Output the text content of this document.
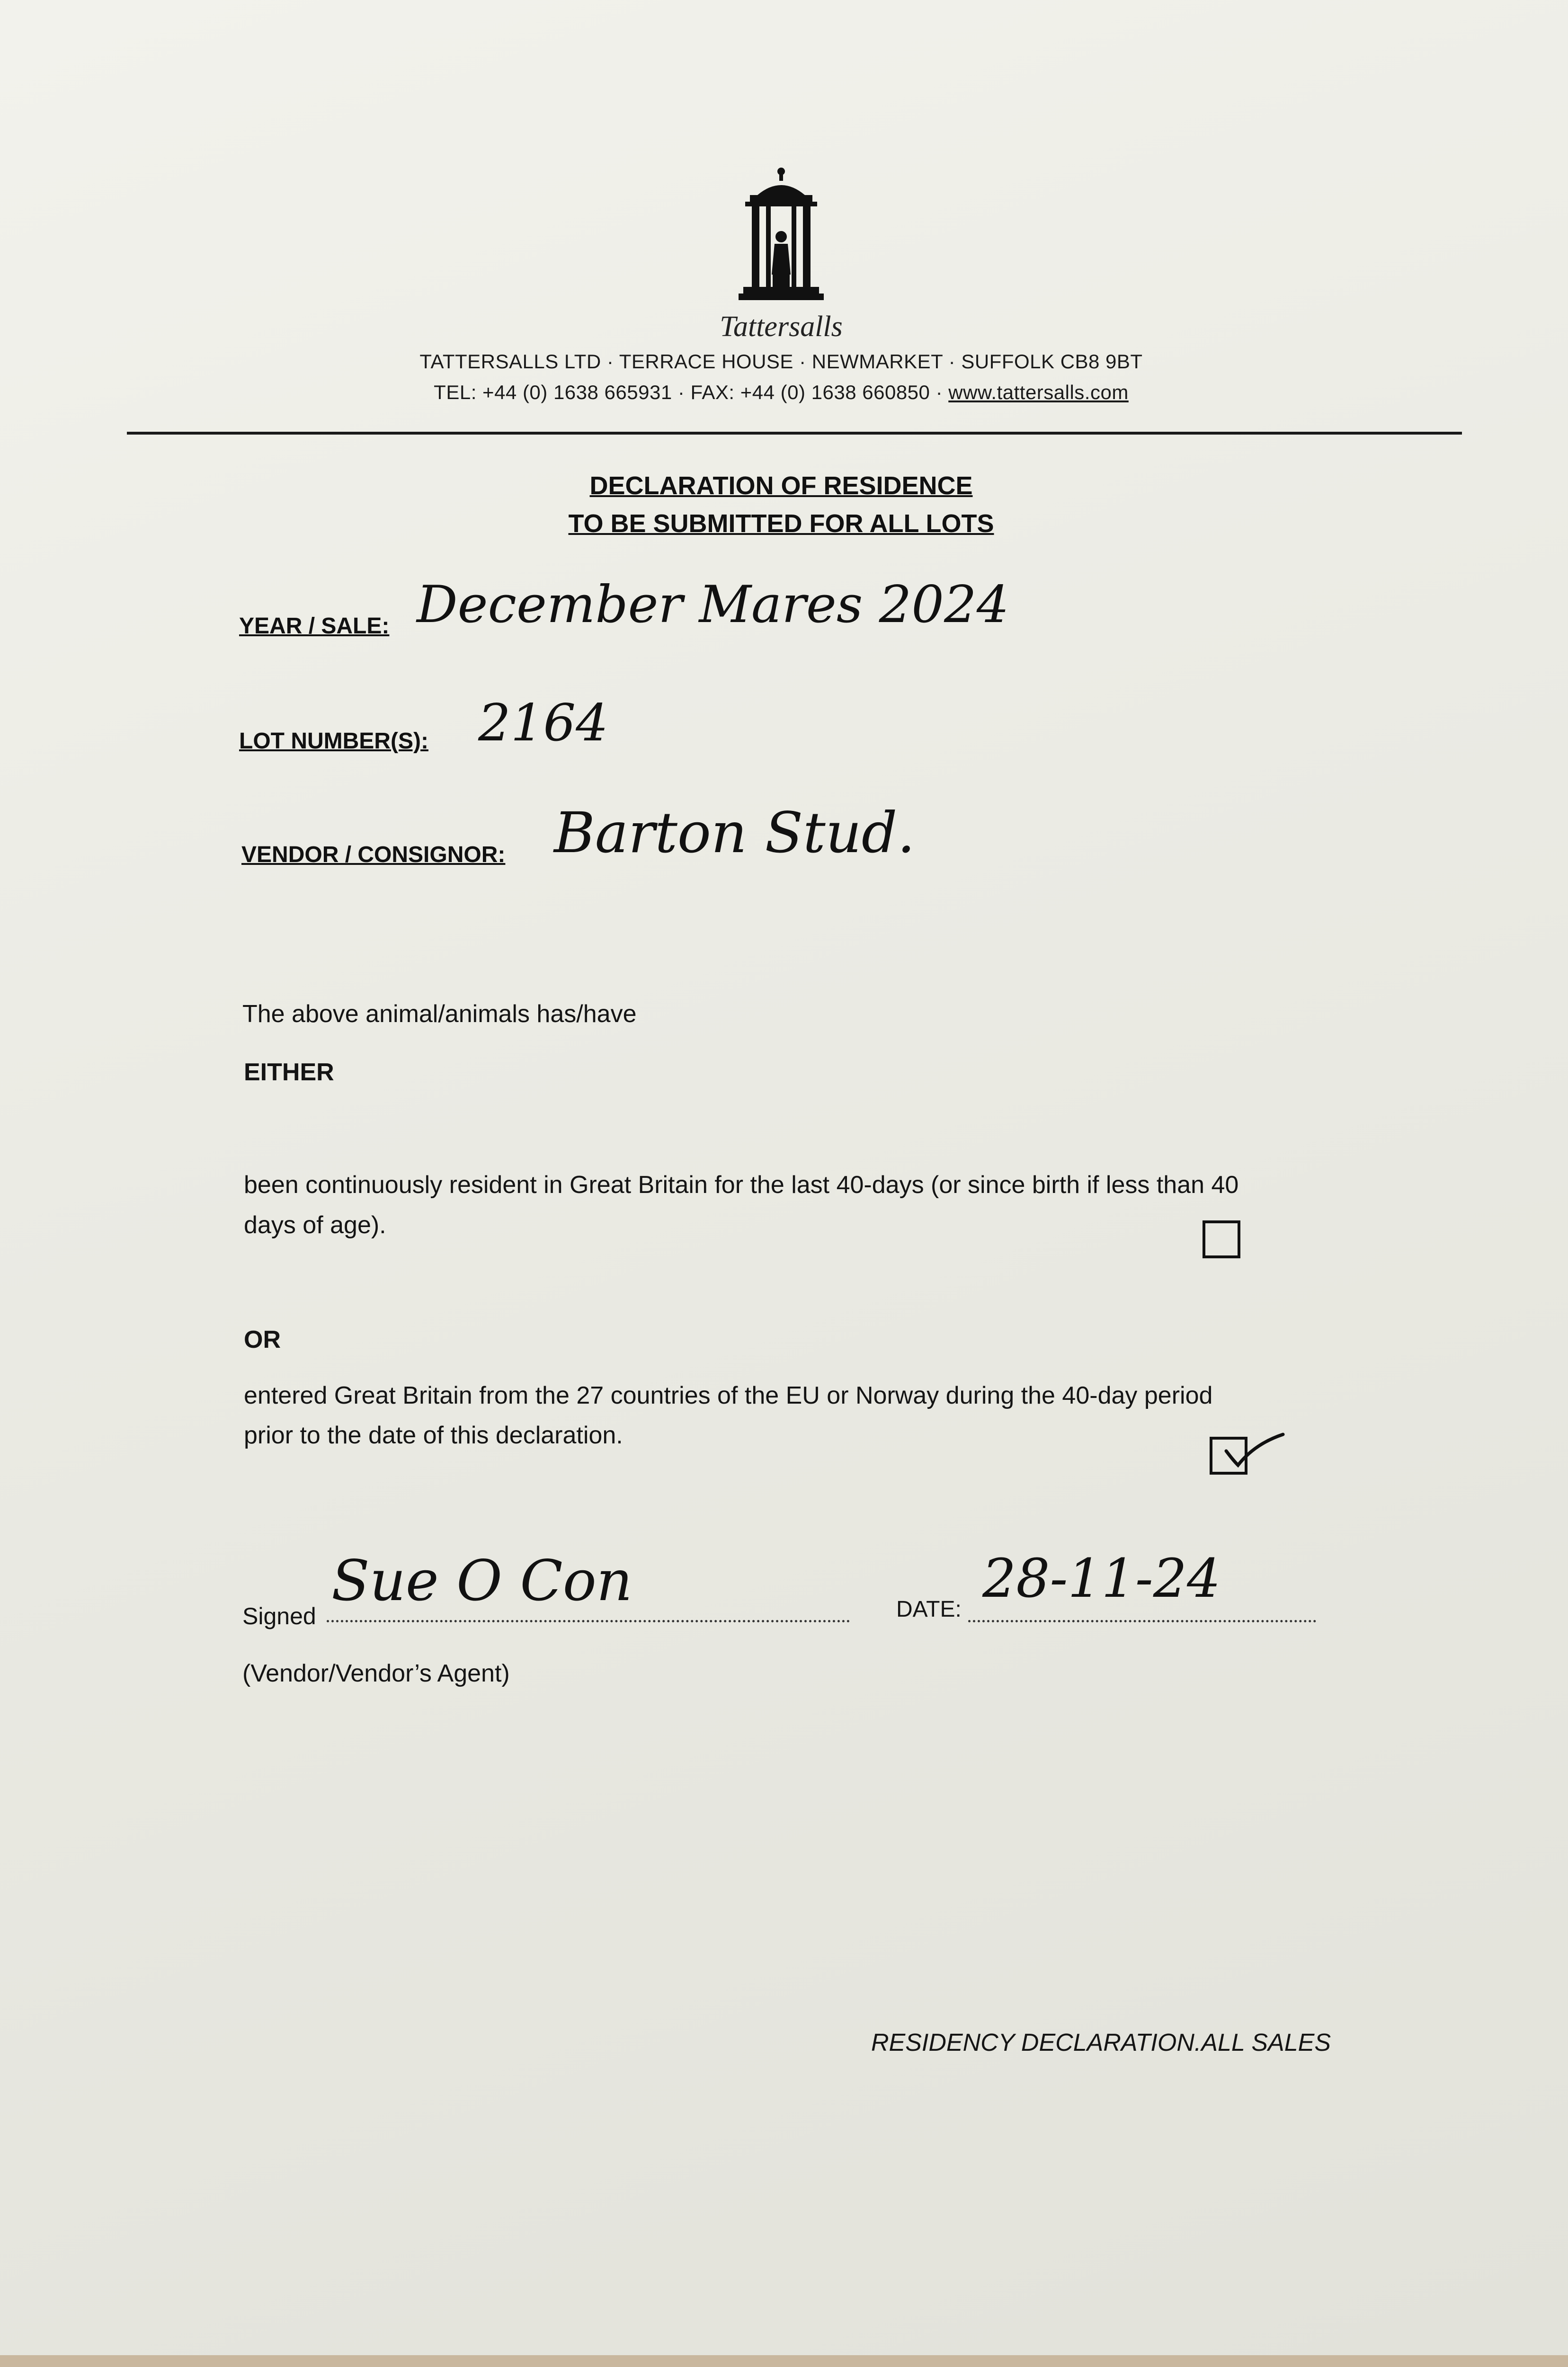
Tattersalls
TATTERSALLS LTD · TERRACE HOUSE · NEWMARKET · SUFFOLK CB8 9BT
TEL: +44 (0) 1638 665931 · FAX: +44 (0) 1638 660850 · www.tattersalls.com
DECLARATION OF RESIDENCE
TO BE SUBMITTED FOR ALL LOTS
YEAR / SALE: December Mares 2024
LOT NUMBER(S): 2164
VENDOR / CONSIGNOR: Barton Stud.
The above animal/animals has/have
EITHER
been continuously resident in Great Britain for the last 40-days (or since birth if less than 40
days of age).
OR
entered Great Britain from the 27 countries of the EU or Norway during the 40-day period
prior to the date of this declaration.
Signed
Sue O Con	DATE: 28-11-24
(Vendor/Vendor’s Agent)
RESIDENCY DECLARATION.ALL SALES
